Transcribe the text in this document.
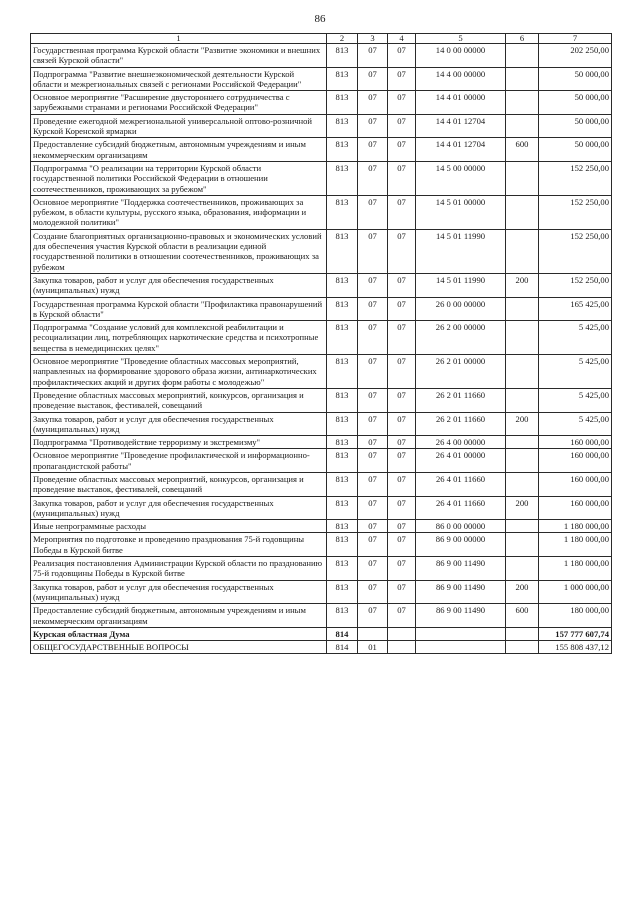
86
1	2	3	4	5	6	7
Государственная программа Курской области "Развитие экономики и внешних связей Курской области"	813	07	07	14 0 00 00000		202 250,00
Подпрограмма "Развитие внешнеэкономической деятельности Курской области и межрегиональных связей с регионами Российской Федерации"	813	07	07	14 4 00 00000		50 000,00
Основное мероприятие "Расширение двустороннего сотрудничества с зарубежными странами и регионами Российской Федерации"	813	07	07	14 4 01 00000		50 000,00
Проведение ежегодной межрегиональной универсальной оптово-розничной Курской Коренской ярмарки	813	07	07	14 4 01 12704		50 000,00
Предоставление субсидий бюджетным, автономным учреждениям и иным некоммерческим организациям	813	07	07	14 4 01 12704	600	50 000,00
Подпрограмма "О реализации на территории Курской области государственной политики Российской Федерации в отношении соотечественников, проживающих за рубежом"	813	07	07	14 5 00 00000		152 250,00
Основное мероприятие "Поддержка соотечественников, проживающих за рубежом, в области культуры, русского языка, образования, информации и молодежной политики"	813	07	07	14 5 01 00000		152 250,00
Создание благоприятных организационно-правовых и экономических условий для обеспечения участия Курской области в реализации единой государственной политики в отношении соотечественников, проживающих за рубежом	813	07	07	14 5 01 11990		152 250,00
Закупка товаров, работ и услуг для обеспечения государственных (муниципальных) нужд	813	07	07	14 5 01 11990	200	152 250,00
Государственная программа Курской области "Профилактика правонарушений в Курской области"	813	07	07	26 0 00 00000		165 425,00
Подпрограмма "Создание условий для комплексной реабилитации и ресоциализации лиц, потребляющих наркотические средства и психотропные вещества в немедицинских целях"	813	07	07	26 2 00 00000		5 425,00
Основное мероприятие "Проведение областных массовых мероприятий, направленных на формирование здорового образа жизни, антинаркотических профилактических акций и других форм работы с молодежью"	813	07	07	26 2 01 00000		5 425,00
Проведение областных массовых мероприятий, конкурсов, организация и проведение выставок, фестивалей, совещаний	813	07	07	26 2 01 11660		5 425,00
Закупка товаров, работ и услуг для обеспечения государственных (муниципальных) нужд	813	07	07	26 2 01 11660	200	5 425,00
Подпрограмма "Противодействие терроризму и экстремизму"	813	07	07	26 4 00 00000		160 000,00
Основное мероприятие "Проведение профилактической и информационно-пропагандистской работы"	813	07	07	26 4 01 00000		160 000,00
Проведение областных массовых мероприятий, конкурсов, организация и проведение выставок, фестивалей, совещаний	813	07	07	26 4 01 11660		160 000,00
Закупка товаров, работ и услуг для обеспечения государственных (муниципальных) нужд	813	07	07	26 4 01 11660	200	160 000,00
Иные непрограммные расходы	813	07	07	86 0 00 00000		1 180 000,00
Мероприятия по подготовке и проведению празднования 75-й годовщины Победы в Курской битве	813	07	07	86 9 00 00000		1 180 000,00
Реализация постановления Администрации Курской области по празднованию 75-й годовщины Победы в Курской битве	813	07	07	86 9 00 11490		1 180 000,00
Закупка товаров, работ и услуг для обеспечения государственных (муниципальных) нужд	813	07	07	86 9 00 11490	200	1 000 000,00
Предоставление субсидий бюджетным, автономным учреждениям и иным некоммерческим организациям	813	07	07	86 9 00 11490	600	180 000,00
Курская областная Дума	814					157 777 607,74
ОБЩЕГОСУДАРСТВЕННЫЕ ВОПРОСЫ	814	01				155 808 437,12
